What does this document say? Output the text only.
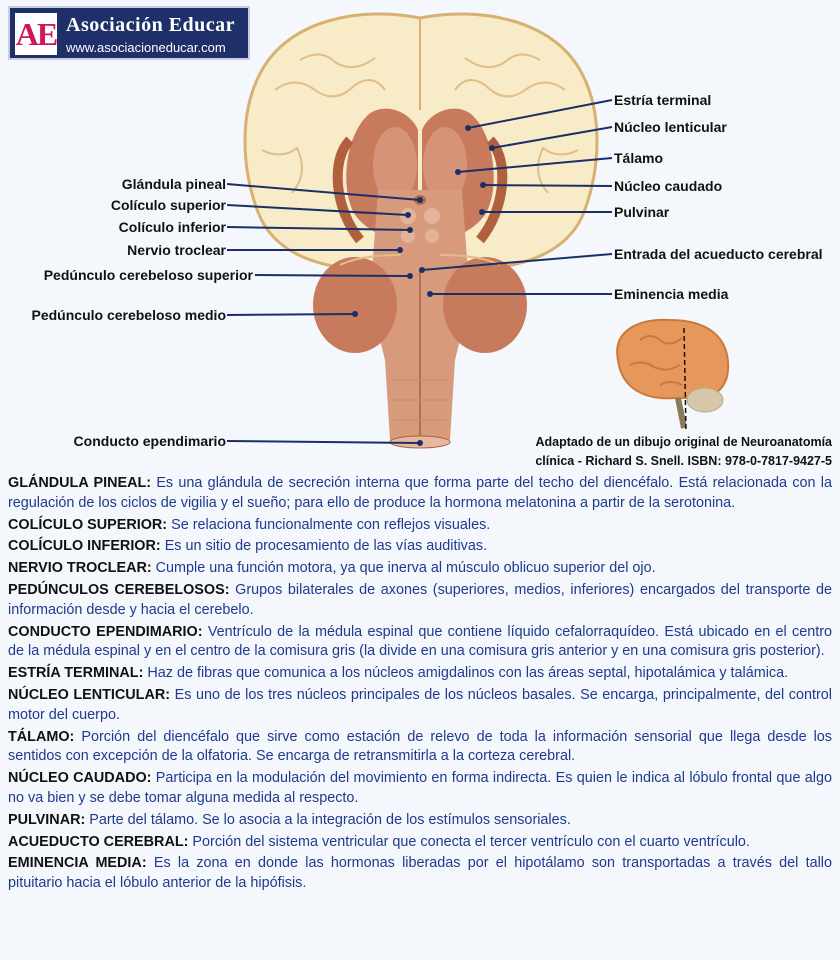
AE Asociación Educar
www.asociacioneducar.com
Estría terminal
Núcleo lenticular
Tálamo
Núcleo caudado
Pulvinar
Entrada del acueducto cerebral
Eminencia media
Glándula pineal
Colículo superior
Colículo inferior
Nervio troclear
Pedúnculo cerebeloso superior
Pedúnculo cerebeloso medio
Conducto ependimario	Adaptado de un dibujo original de Neuroanatomía
clínica - Richard S. Snell. ISBN: 978-0-7817-9427-5

GLÁNDULA PINEAL: Es una glándula de secreción interna que forma parte del techo del diencéfalo. Está relacionada con la regulación de los ciclos de vigilia y el sueño; para ello de produce la hormona melatonina a partir de la serotonina.

COLÍCULO SUPERIOR: Se relaciona funcionalmente con reflejos visuales.

COLÍCULO INFERIOR: Es un sitio de procesamiento de las vías auditivas.

NERVIO TROCLEAR: Cumple una función motora, ya que inerva al músculo oblicuo superior del ojo.

PEDÚNCULOS CEREBELOSOS: Grupos bilaterales de axones (superiores, medios, inferiores) encargados del transporte de información desde y hacia el cerebelo.

CONDUCTO EPENDIMARIO: Ventrículo de la médula espinal que contiene líquido cefalorraquídeo. Está ubicado en el centro de la médula espinal y en el centro de la comisura gris (la divide en una comisura gris anterior y en una comisura gris posterior).

ESTRÍA TERMINAL: Haz de fibras que comunica a los núcleos amigdalinos con las áreas septal, hipotalámica y talámica.

NÚCLEO LENTICULAR: Es uno de los tres núcleos principales de los núcleos basales. Se encarga, principalmente, del control motor del cuerpo.

TÁLAMO: Porción del diencéfalo que sirve como estación de relevo de toda la información sensorial que llega desde los sentidos con excepción de la olfatoria. Se encarga de retransmitirla a la corteza cerebral.

NÚCLEO CAUDADO: Participa en la modulación del movimiento en forma indirecta. Es quien le indica al lóbulo frontal que algo no va bien y se debe tomar alguna medida al respecto.

PULVINAR: Parte del tálamo. Se lo asocia a la integración de los estímulos sensoriales.

ACUEDUCTO CEREBRAL: Porción del sistema ventricular que conecta el tercer ventrículo con el cuarto ventrículo.

EMINENCIA MEDIA: Es la zona en donde las hormonas liberadas por el hipotálamo son transportadas a través del tallo pituitario hacia el lóbulo anterior de la hipófisis.
